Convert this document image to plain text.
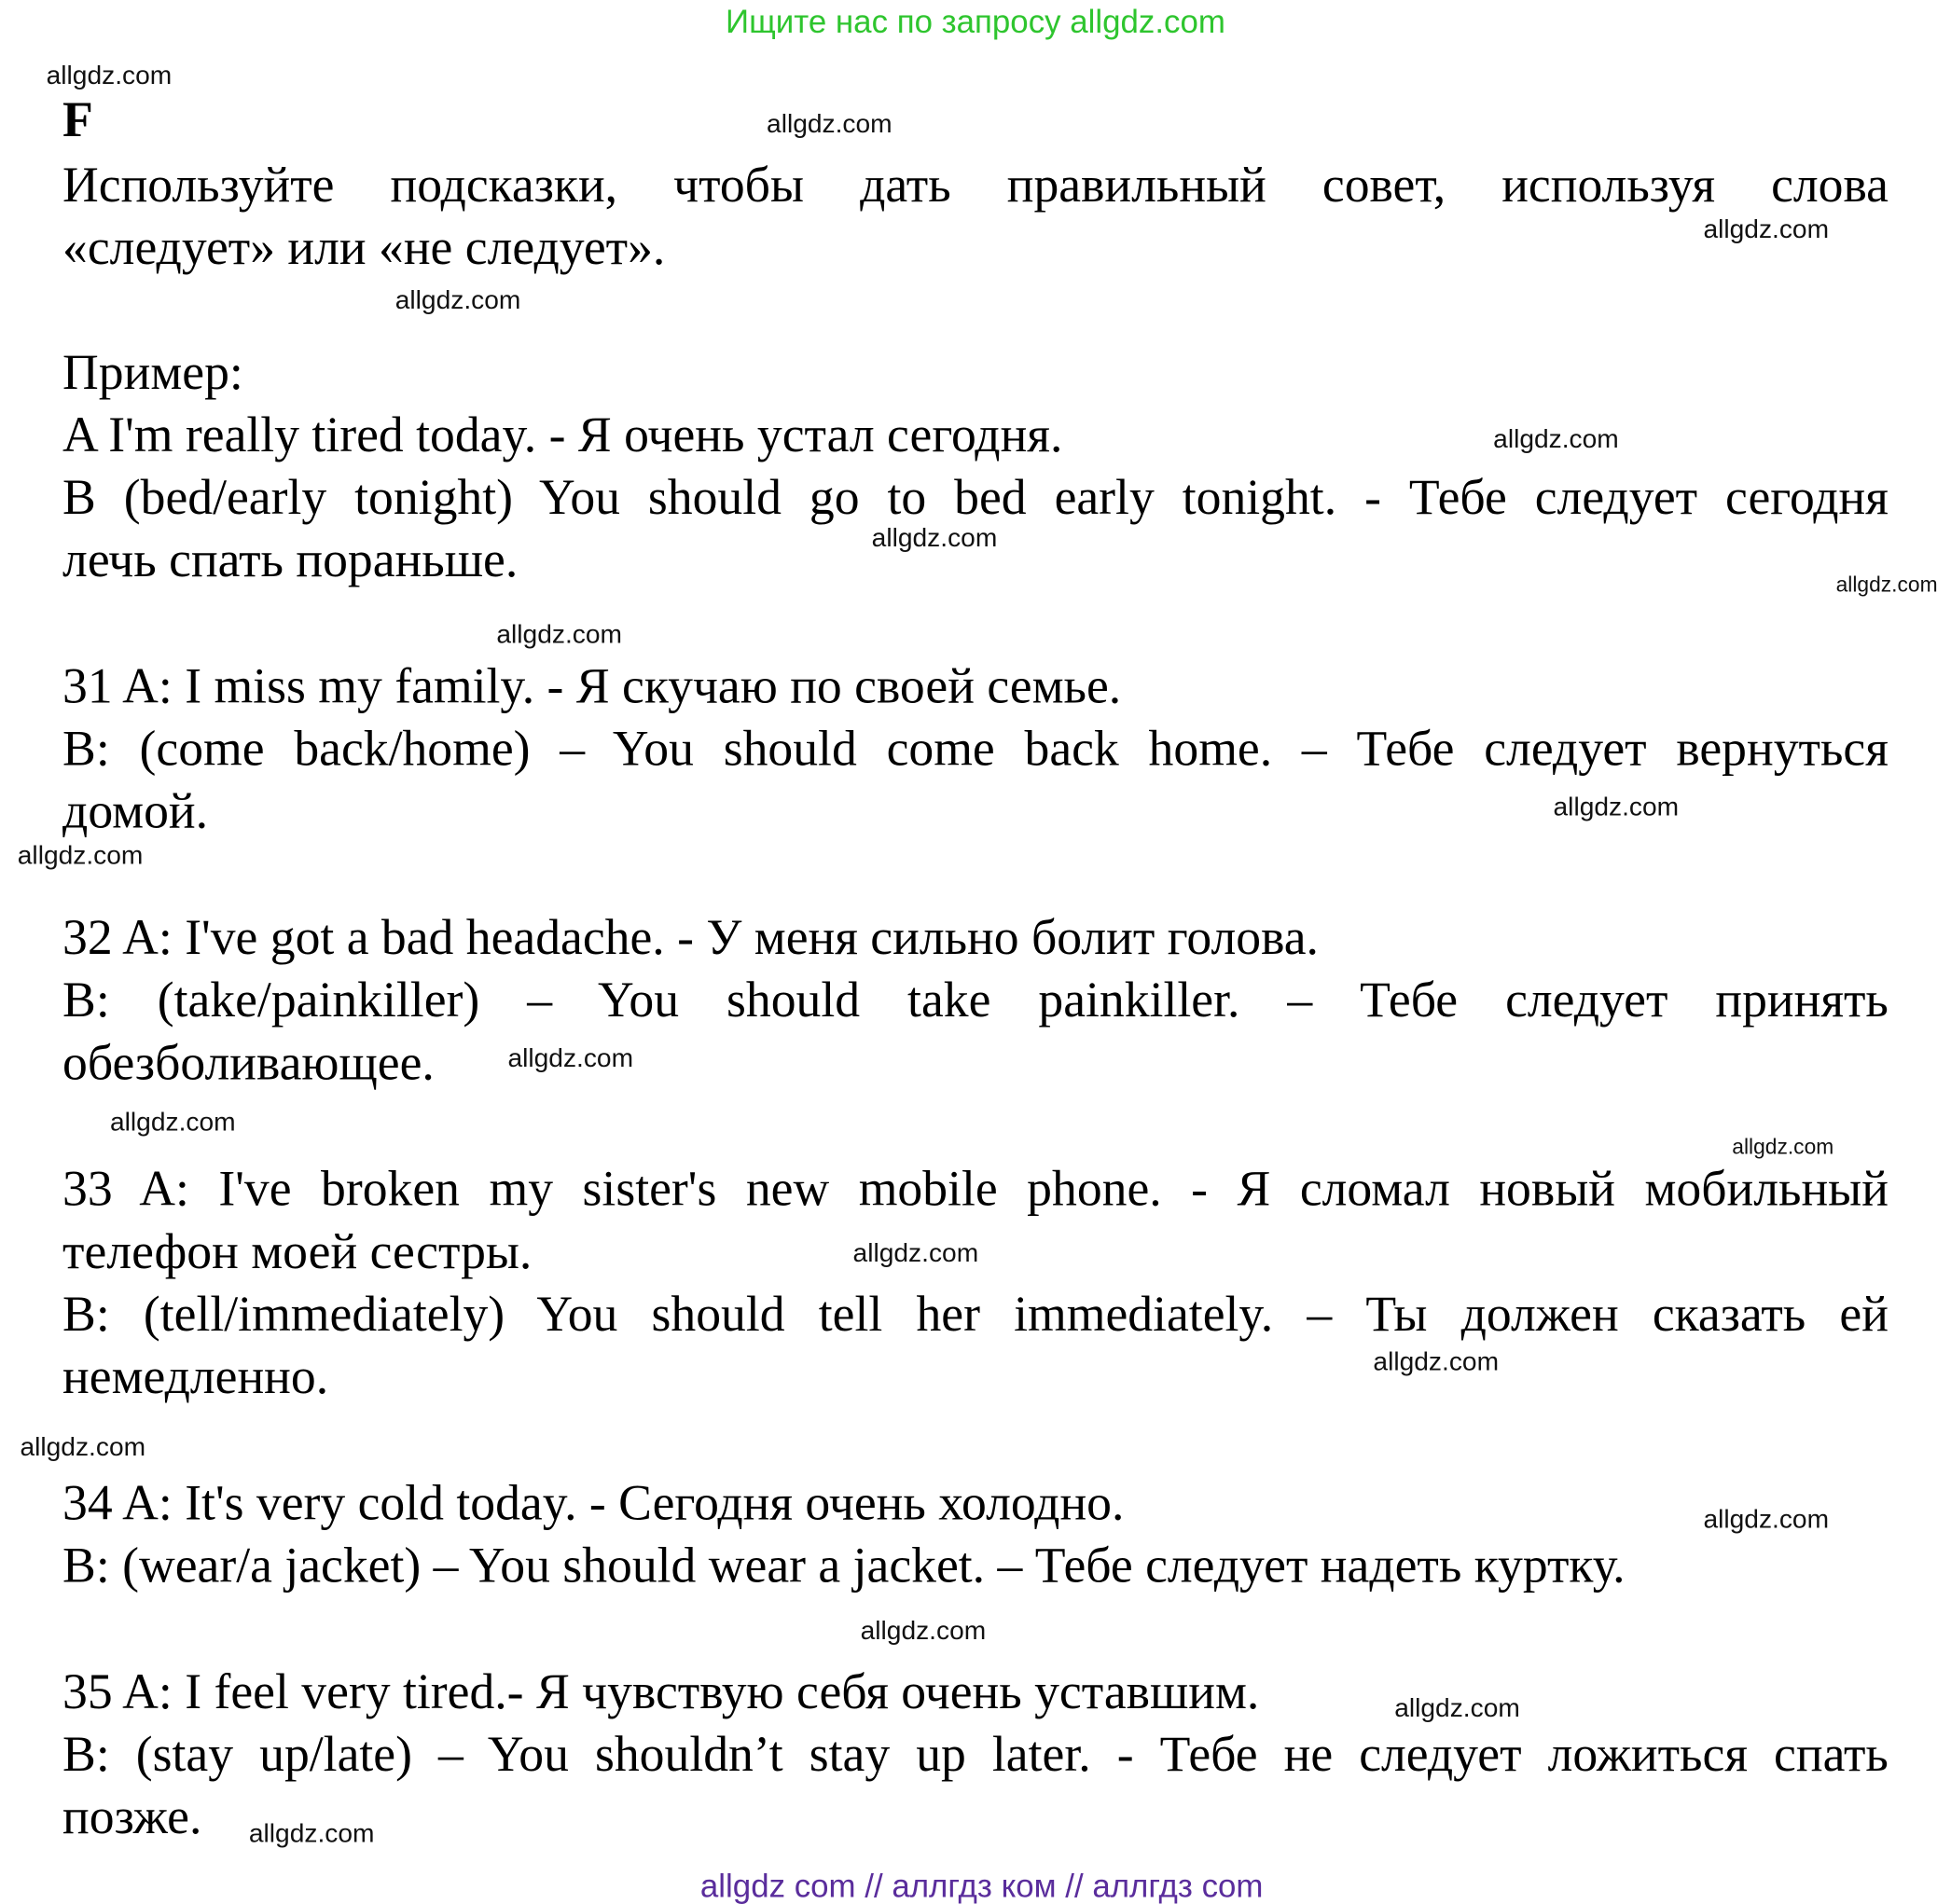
Ищите нас по запросу allgdz.com
F
Используйте подсказки, чтобы дать правильный совет, используя слова
«следует» или «не следует».
Пример:
A I'm really tired today. - Я очень устал сегодня.
B (bed/early tonight) You should go to bed early tonight. - Тебе следует сегодня
лечь спать пораньше.
31 A: I miss my family. - Я скучаю по своей семье.
B: (come back/home) – You should come back home. – Тебе следует вернуться
домой.
32 A: I've got a bad headache. - У меня сильно болит голова.
B: (take/painkiller) – You should take painkiller. – Тебе следует принять
обезболивающее.
33 A: I've broken my sister's new mobile phone. - Я сломал новый мобильный
телефон моей сестры.
B: (tell/immediately) You should tell her immediately. – Ты должен сказать ей
немедленно.
34 A: It's very cold today. - Сегодня очень холодно.
B: (wear/a jacket) – You should wear a jacket. – Тебе следует надеть куртку.
35 A: I feel very tired.- Я чувствую себя очень уставшим.
B: (stay up/late) – You shouldn’t stay up later. - Тебе не следует ложиться спать
позже.
allgdz.com
allgdz.com
allgdz.com
allgdz.com
allgdz.com
allgdz.com
allgdz.com
allgdz.com
allgdz.com
allgdz.com
allgdz.com
allgdz.com
allgdz.com
allgdz.com
allgdz.com
allgdz.com
allgdz.com
allgdz.com
allgdz.com
allgdz.com
allgdz com // аллгдз ком // аллгдз com
